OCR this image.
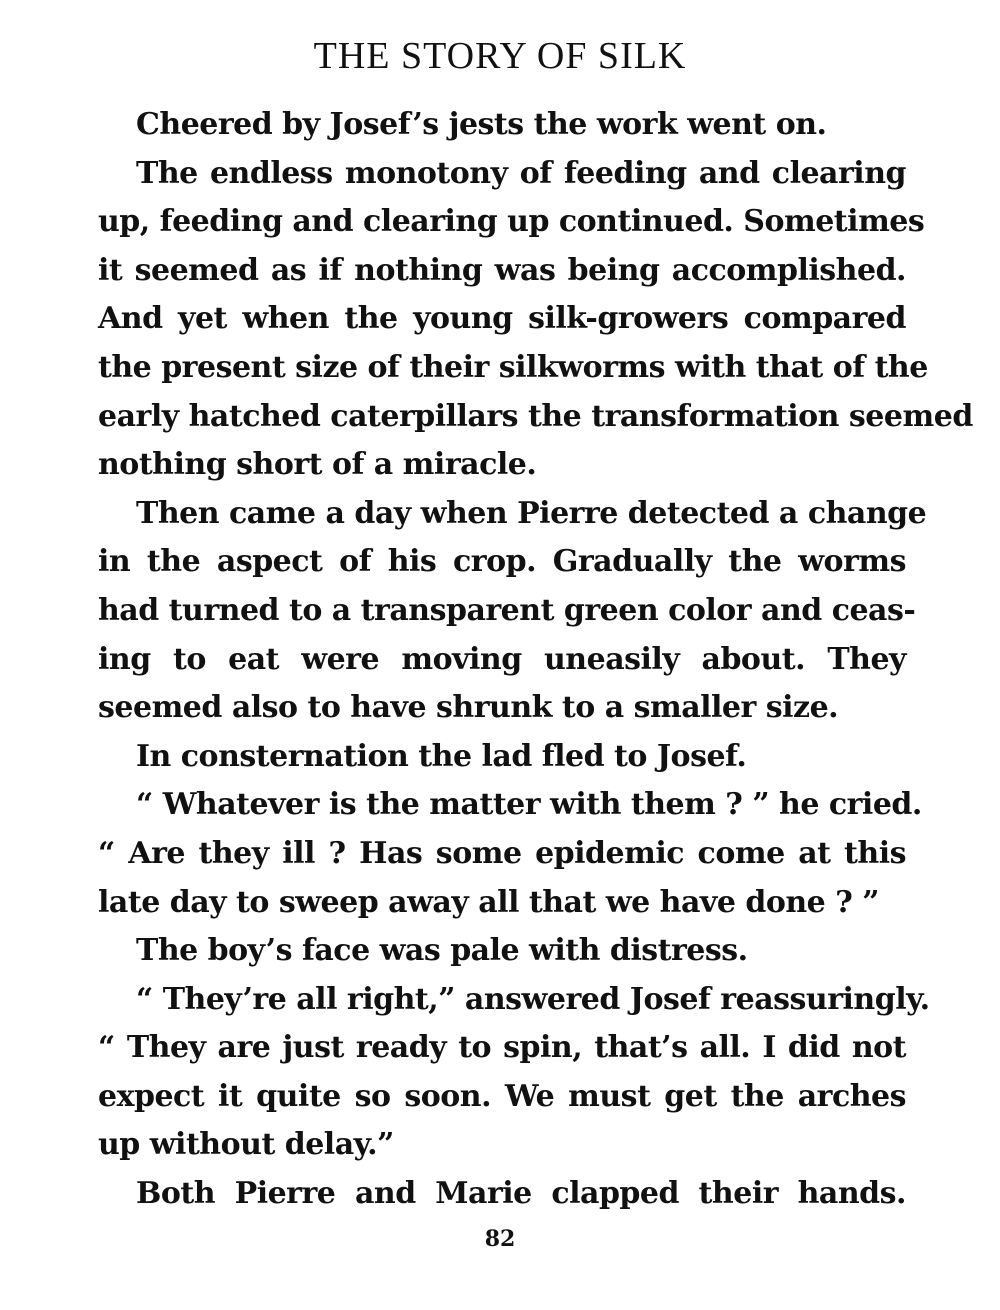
THE STORY OF SILK
Cheered by Josef’s jests the work went on.
The endless monotony of feeding and clearing
up, feeding and clearing up continued. Sometimes
it seemed as if nothing was being accomplished.
And yet when the young silk-growers compared
the present size of their silkworms with that of the
early hatched caterpillars the transformation seemed
nothing short of a miracle.
Then came a day when Pierre detected a change
in the aspect of his crop. Gradually the worms
had turned to a transparent green color and ceas-
ing to eat were moving uneasily about. They
seemed also to have shrunk to a smaller size.
In consternation the lad fled to Josef.
“ Whatever is the matter with them ? ” he cried.
“ Are they ill ? Has some epidemic come at this
late day to sweep away all that we have done ? ”
The boy’s face was pale with distress.
“ They’re all right,” answered Josef reassuringly.
“ They are just ready to spin, that’s all. I did not
expect it quite so soon. We must get the arches
up without delay.”
Both Pierre and Marie clapped their hands.
82
